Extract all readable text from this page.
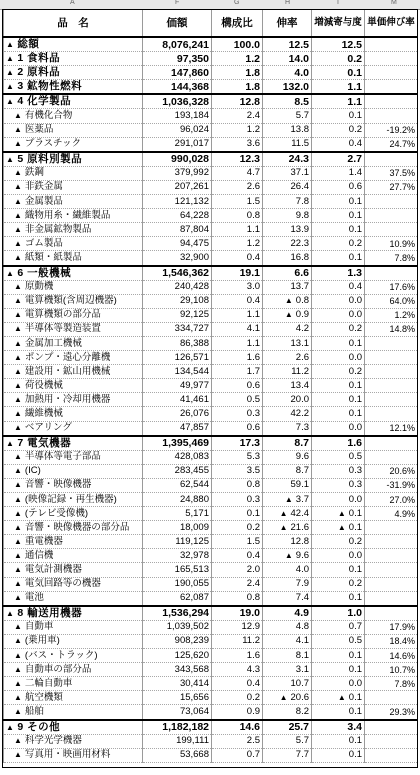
A	F	G	H	I	M
品　名	価額	構成比	伸率	増減寄与度	単価伸び率
▲ 総額	8,076,241	100.0	12.5	12.5	
▲ 1 食料品	97,350	1.2	14.0	0.2	
▲ 2 原料品	147,860	1.8	4.0	0.1	
▲ 3 鉱物性燃料	144,368	1.8	132.0	1.1	
▲ 4 化学製品	1,036,328	12.8	8.5	1.1	
▲ 有機化合物	193,184	2.4	5.7	0.1	
▲ 医薬品	96,024	1.2	13.8	0.2	-19.2%
▲ プラスチック	291,017	3.6	11.5	0.4	24.7%
▲ 5 原料別製品	990,028	12.3	24.3	2.7	
▲ 鉄鋼	379,992	4.7	37.1	1.4	37.5%
▲ 非鉄金属	207,261	2.6	26.4	0.6	27.7%
▲ 金属製品	121,132	1.5	7.8	0.1	
▲ 織物用糸・繊維製品	64,228	0.8	9.8	0.1	
▲ 非金属鉱物製品	87,804	1.1	13.9	0.1	
▲ ゴム製品	94,475	1.2	22.3	0.2	10.9%
▲ 紙類・紙製品	32,900	0.4	16.8	0.1	7.8%
▲ 6 一般機械	1,546,362	19.1	6.6	1.3	
▲ 原動機	240,428	3.0	13.7	0.4	17.6%
▲ 電算機類(含周辺機器)	29,108	0.4	▲ 0.8	0.0	64.0%
▲ 電算機類の部分品	92,125	1.1	▲ 0.9	0.0	1.2%
▲ 半導体等製造装置	334,727	4.1	4.2	0.2	14.8%
▲ 金属加工機械	86,388	1.1	13.1	0.1	
▲ ポンプ・遠心分離機	126,571	1.6	2.6	0.0	
▲ 建設用・鉱山用機械	134,544	1.7	11.2	0.2	
▲ 荷役機械	49,977	0.6	13.4	0.1	
▲ 加熱用・冷却用機器	41,461	0.5	20.0	0.1	
▲ 繊維機械	26,076	0.3	42.2	0.1	
▲ ベアリング	47,857	0.6	7.3	0.0	12.1%
▲ 7 電気機器	1,395,469	17.3	8.7	1.6	
▲ 半導体等電子部品	428,083	5.3	9.6	0.5	
▲ (IC)	283,455	3.5	8.7	0.3	20.6%
▲ 音響・映像機器	62,544	0.8	59.1	0.3	-31.9%
▲ (映像記録・再生機器)	24,880	0.3	▲ 3.7	0.0	27.0%
▲ (テレビ受像機)	5,171	0.1	▲ 42.4	▲ 0.1	4.9%
▲ 音響・映像機器の部分品	18,009	0.2	▲ 21.6	▲ 0.1	
▲ 重電機器	119,125	1.5	12.8	0.2	
▲ 通信機	32,978	0.4	▲ 9.6	0.0	
▲ 電気計測機器	165,513	2.0	4.0	0.1	
▲ 電気回路等の機器	190,055	2.4	7.9	0.2	
▲ 電池	62,087	0.8	7.4	0.1	
▲ 8 輸送用機器	1,536,294	19.0	4.9	1.0	
▲ 自動車	1,039,502	12.9	4.8	0.7	17.9%
▲ (乗用車)	908,239	11.2	4.1	0.5	18.4%
▲ (バス・トラック)	125,620	1.6	8.1	0.1	14.6%
▲ 自動車の部分品	343,568	4.3	3.1	0.1	10.7%
▲ 二輪自動車	30,414	0.4	10.7	0.0	7.8%
▲ 航空機類	15,656	0.2	▲ 20.6	▲ 0.1	
▲ 船舶	73,064	0.9	8.2	0.1	29.3%
▲ 9 その他	1,182,182	14.6	25.7	3.4	
▲ 科学光学機器	199,111	2.5	5.7	0.1	
▲ 写真用・映画用材料	53,668	0.7	7.7	0.1	
